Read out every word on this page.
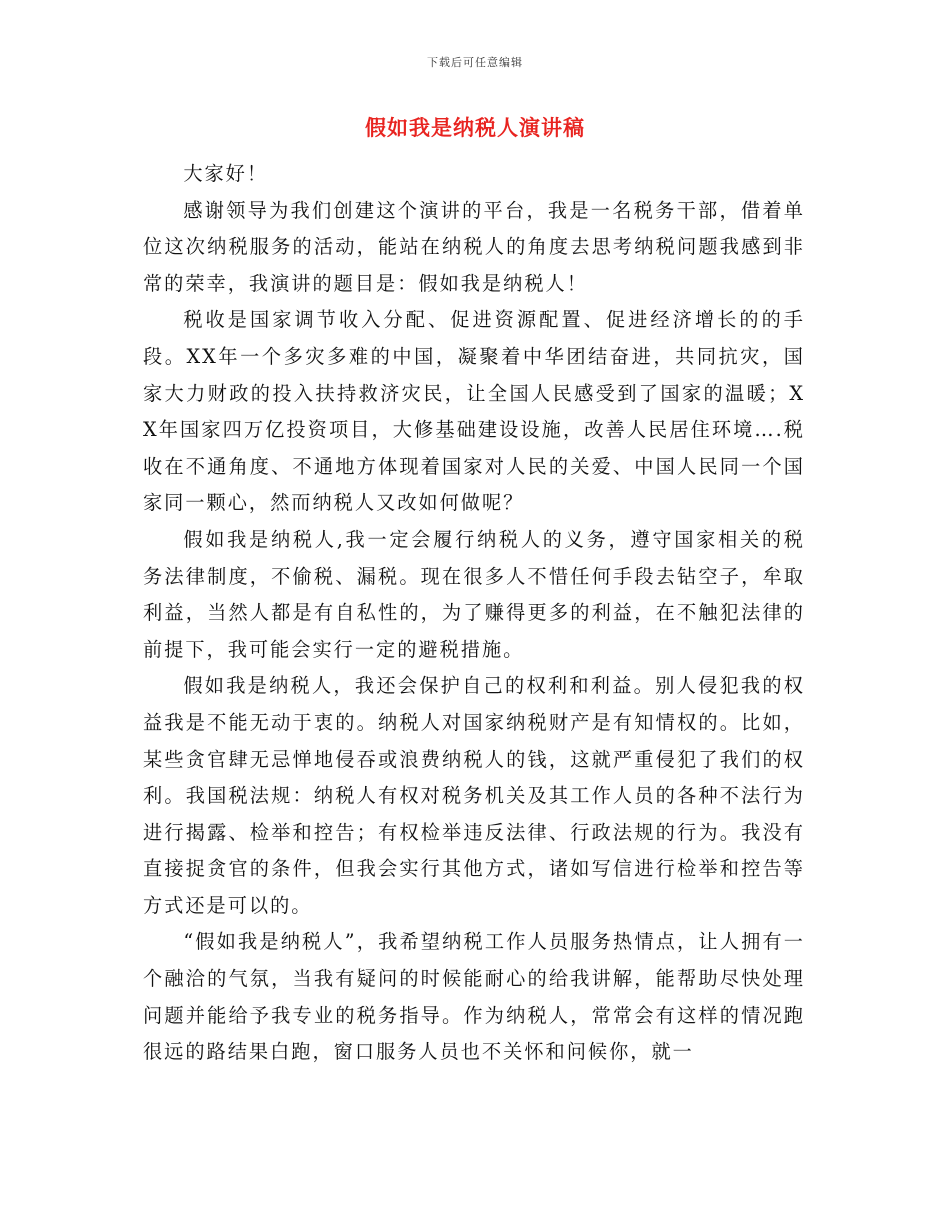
下载后可任意编辑
假如我是纳税人演讲稿

大家好！

感谢领导为我们创建这个演讲的平台，我是一名税务干部，借着单位这次纳税服务的活动，能站在纳税人的角度去思考纳税问题我感到非常的荣幸，我演讲的题目是：假如我是纳税人！

税收是国家调节收入分配、促进资源配置、促进经济增长的的手段。XX年一个多灾多难的中国，凝聚着中华团结奋进，共同抗灾，国家大力财政的投入扶持救济灾民，让全国人民感受到了国家的温暖；XX年国家四万亿投资项目，大修基础建设设施，改善人民居住环境….税收在不通角度、不通地方体现着国家对人民的关爱、中国人民同一个国家同一颗心，然而纳税人又改如何做呢？

假如我是纳税人,我一定会履行纳税人的义务，遵守国家相关的税务法律制度，不偷税、漏税。现在很多人不惜任何手段去钻空子，牟取利益，当然人都是有自私性的，为了赚得更多的利益，在不触犯法律的前提下，我可能会实行一定的避税措施。

假如我是纳税人，我还会保护自己的权利和利益。别人侵犯我的权益我是不能无动于衷的。纳税人对国家纳税财产是有知情权的。比如，某些贪官肆无忌惮地侵吞或浪费纳税人的钱，这就严重侵犯了我们的权利。我国税法规：纳税人有权对税务机关及其工作人员的各种不法行为进行揭露、检举和控告；有权检举违反法律、行政法规的行为。我没有直接捉贪官的条件，但我会实行其他方式，诸如写信进行检举和控告等方式还是可以的。

“假如我是纳税人”，我希望纳税工作人员服务热情点，让人拥有一个融洽的气氛，当我有疑问的时候能耐心的给我讲解，能帮助尽快处理问题并能给予我专业的税务指导。作为纳税人，常常会有这样的情况跑很远的路结果白跑，窗口服务人员也不关怀和问候你，就一
